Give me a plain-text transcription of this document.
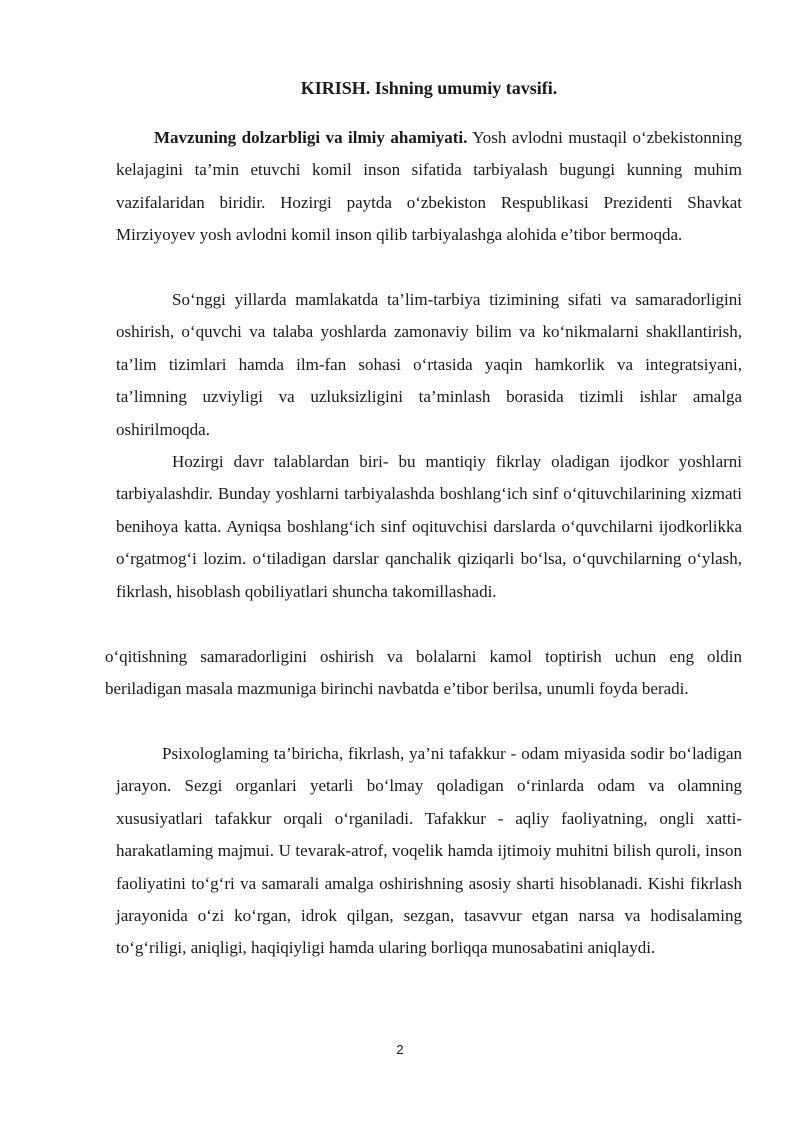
KIRISH. Ishning umumiy tavsifi.

Mavzuning dolzarbligi va ilmiy ahamiyati. Yosh avlodni mustaqil o‘zbekistonning kelajagini ta’min etuvchi komil inson sifatida tarbiyalash bugungi kunning muhim vazifalaridan biridir. Hozirgi paytda o‘zbekiston Respublikasi Prezidenti Shavkat Mirziyoyev yosh avlodni komil inson qilib tarbiyalashga alohida e’tibor bermoqda.

So‘nggi yillarda mamlakatda ta’lim-tarbiya tizimining sifati va samaradorligini oshirish, o‘quvchi va talaba yoshlarda zamonaviy bilim va ko‘nikmalarni shakllantirish, ta’lim tizimlari hamda ilm-fan sohasi o‘rtasida yaqin hamkorlik va integratsiyani, ta’limning uzviyligi va uzluksizligini ta’minlash borasida tizimli ishlar amalga oshirilmoqda.

Hozirgi davr talablardan biri- bu mantiqiy fikrlay oladigan ijodkor yoshlarni tarbiyalashdir. Bunday yoshlarni tarbiyalashda boshlang‘ich sinf o‘qituvchilarining xizmati benihoya katta. Ayniqsa boshlang‘ich sinf oqituvchisi darslarda o‘quvchilarni ijodkorlikka o‘rgatmog‘i lozim. o‘tiladigan darslar qanchalik qiziqarli bo‘lsa, o‘quvchilarning o‘ylash, fikrlash, hisoblash qobiliyatlari shuncha takomillashadi.

o‘qitishning samaradorligini oshirish va bolalarni kamol toptirish uchun eng oldin beriladigan masala mazmuniga birinchi navbatda e’tibor berilsa, unumli foyda beradi.

Psixologlaming ta’biricha, fikrlash, ya’ni tafakkur - odam miyasida sodir bo‘ladigan jarayon. Sezgi organlari yetarli bo‘lmay qoladigan o‘rinlarda odam va olamning xususiyatlari tafakkur orqali o‘rganiladi. Tafakkur - aqliy faoliyatning, ongli xatti-harakatlaming majmui. U tevarak-atrof, voqelik hamda ijtimoiy muhitni bilish quroli, inson faoliyatini to‘g‘ri va samarali amalga oshirishning asosiy sharti hisoblanadi. Kishi fikrlash jarayonida o‘zi ko‘rgan, idrok qilgan, sezgan, tasavvur etgan narsa va hodisalaming to‘g‘riligi, aniqligi, haqiqiyligi hamda ularing borliqqa munosabatini aniqlaydi.

2
